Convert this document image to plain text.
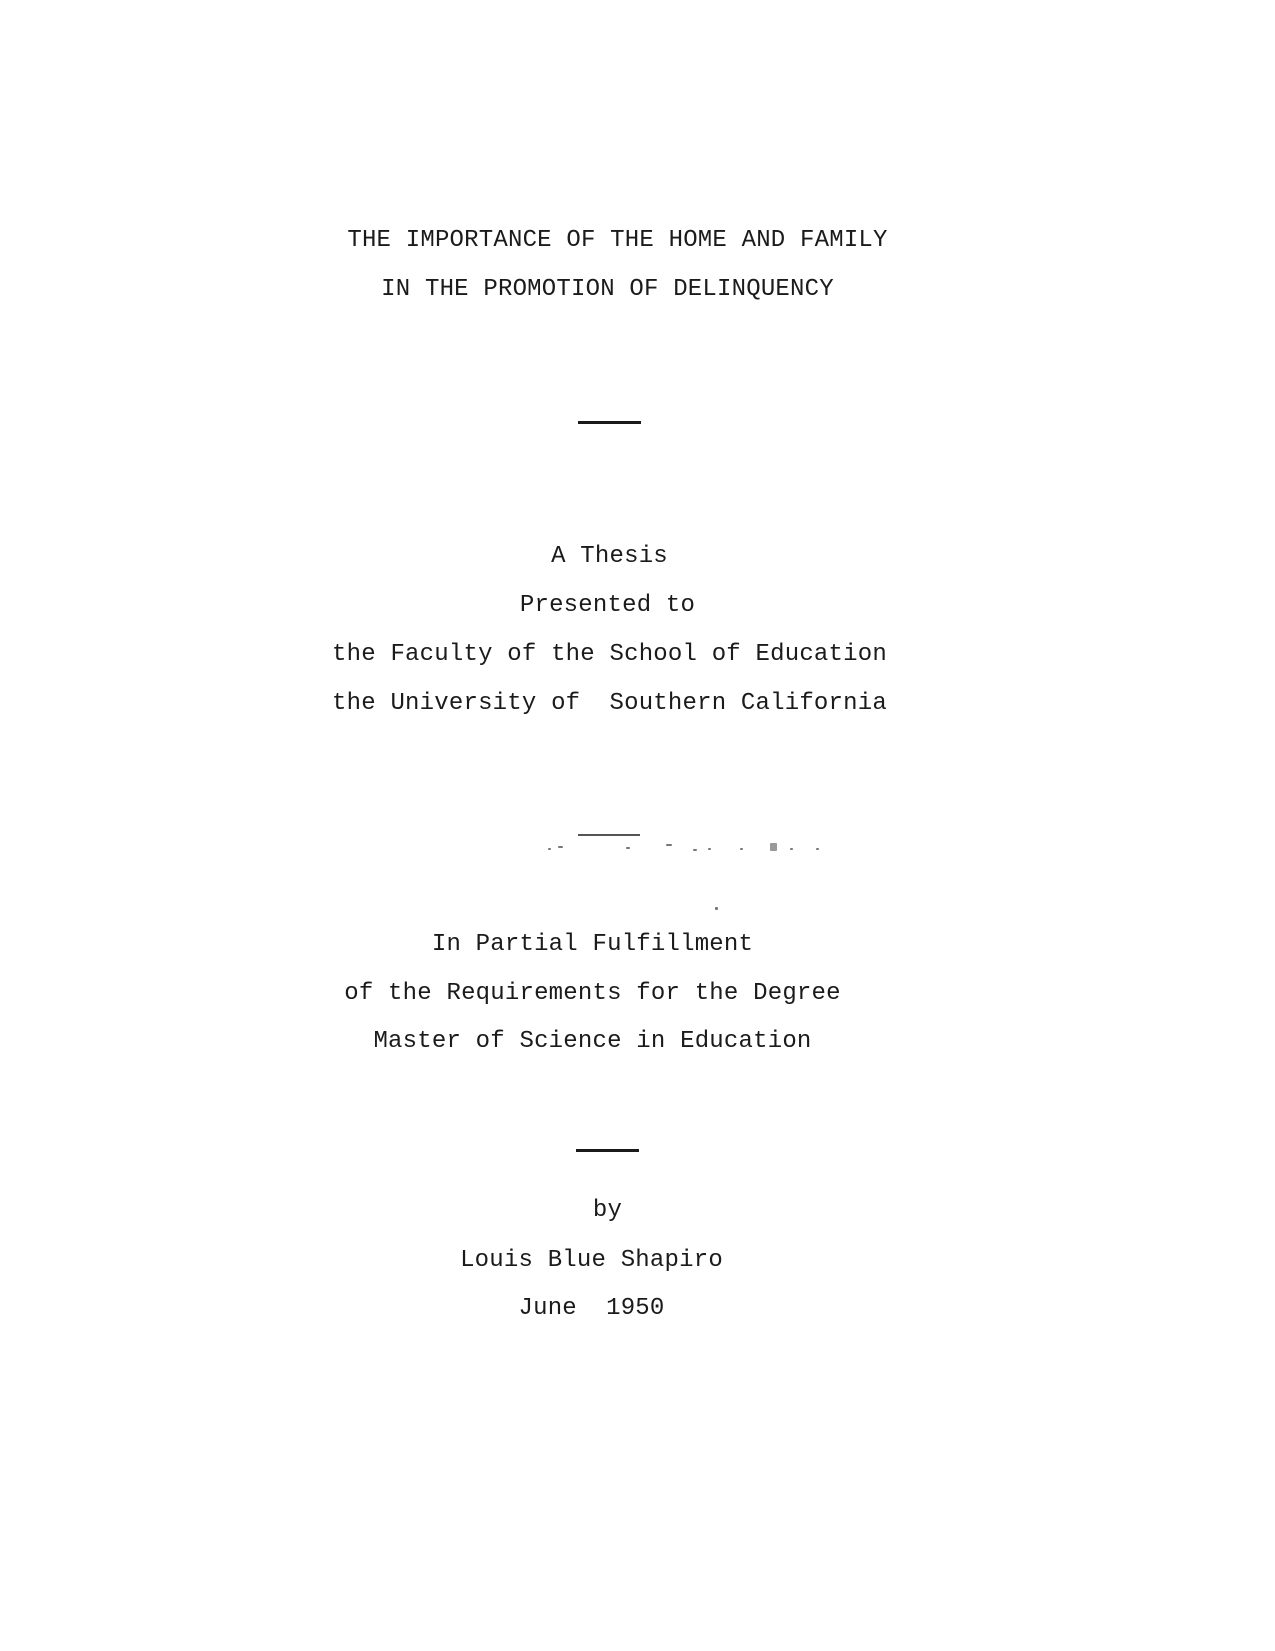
THE IMPORTANCE OF THE HOME AND FAMILY
IN THE PROMOTION OF DELINQUENCY
A Thesis
Presented to
the Faculty of the School of Education
the University of  Southern California
In Partial Fulfillment
of the Requirements for the Degree
Master of Science in Education
by
Louis Blue Shapiro
June  1950
